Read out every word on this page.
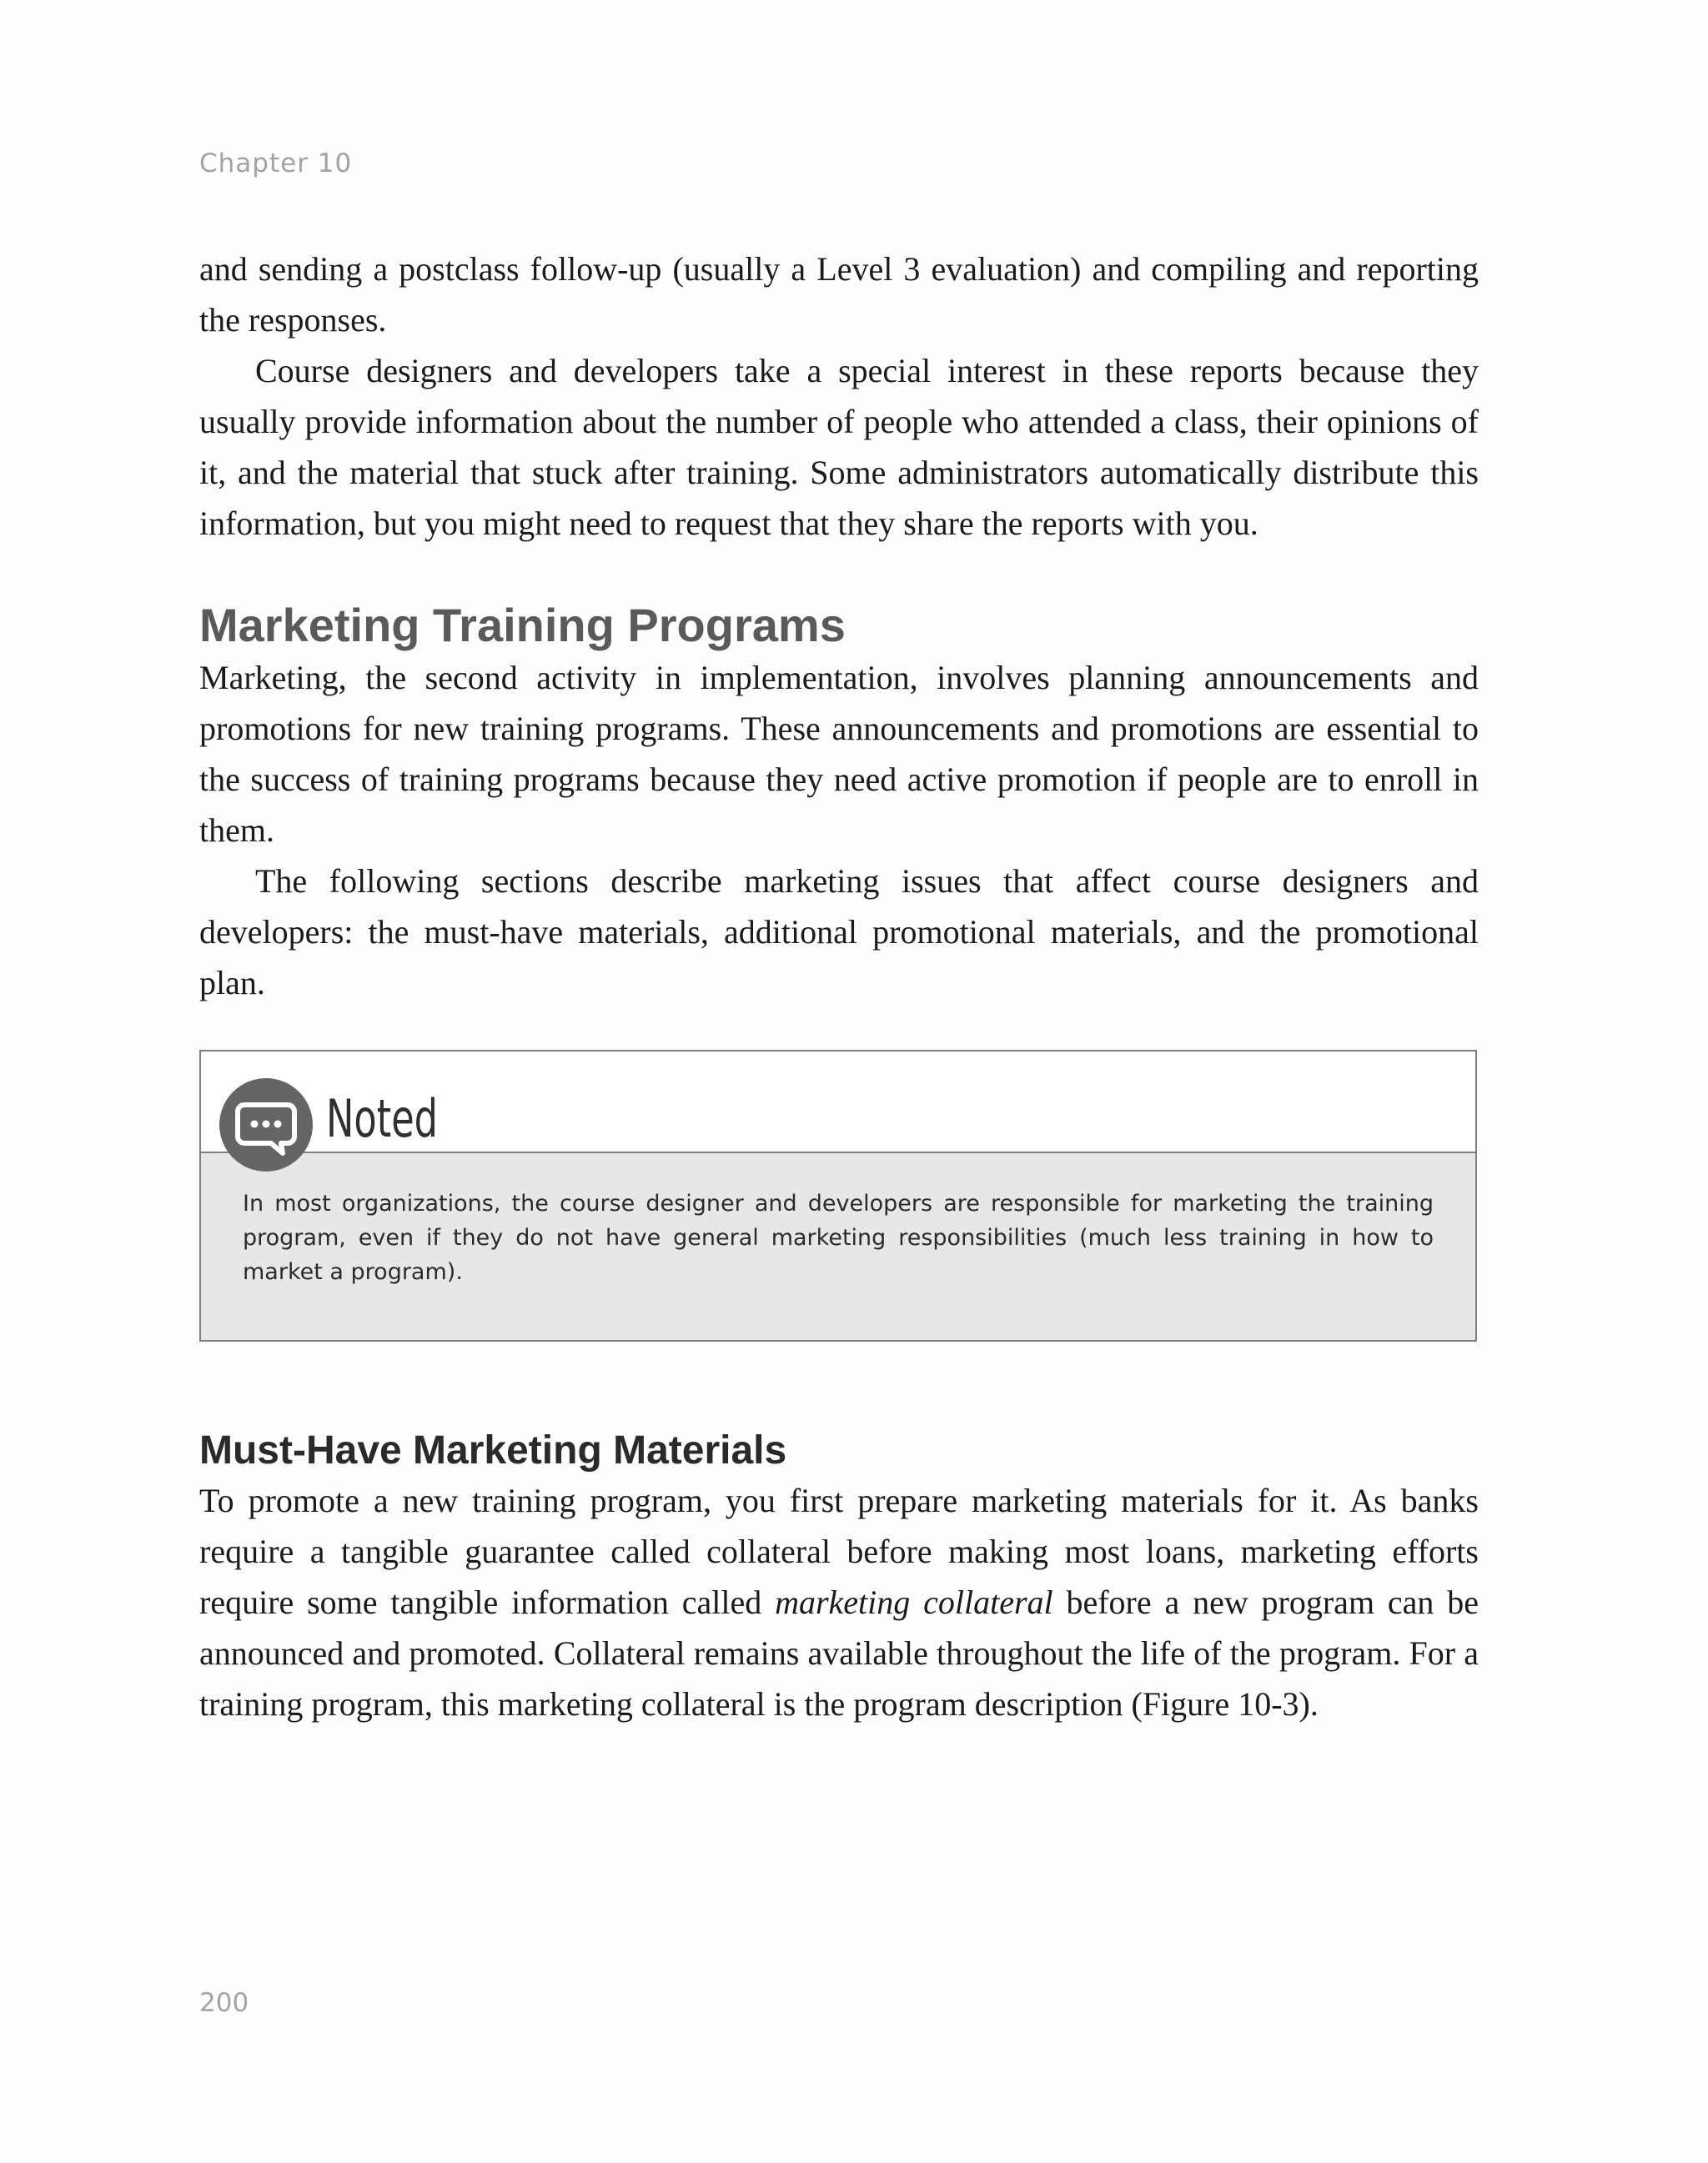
Chapter 10

and sending a postclass follow-up (usually a Level 3 evaluation) and compiling and reporting the responses.

Course designers and developers take a special interest in these reports because they usually provide information about the number of people who attended a class, their opinions of it, and the material that stuck after training. Some administrators automatically distribute this information, but you might need to request that they share the reports with you.

Marketing Training Programs

Marketing, the second activity in implementation, involves planning announcements and promotions for new training programs. These announcements and promotions are essential to the success of training programs because they need active promotion if people are to enroll in them.

The following sections describe marketing issues that affect course designers and developers: the must-have materials, additional promotional materials, and the promotional plan.

Noted

In most organizations, the course designer and developers are responsible for marketing the training program, even if they do not have general marketing responsibilities (much less training in how to market a program).

Must-Have Marketing Materials

To promote a new training program, you first prepare marketing materials for it. As banks require a tangible guarantee called collateral before making most loans, marketing efforts require some tangible information called marketing collateral before a new program can be announced and promoted. Collateral remains available throughout the life of the program. For a training program, this marketing collateral is the program description (Figure 10-3).

200
